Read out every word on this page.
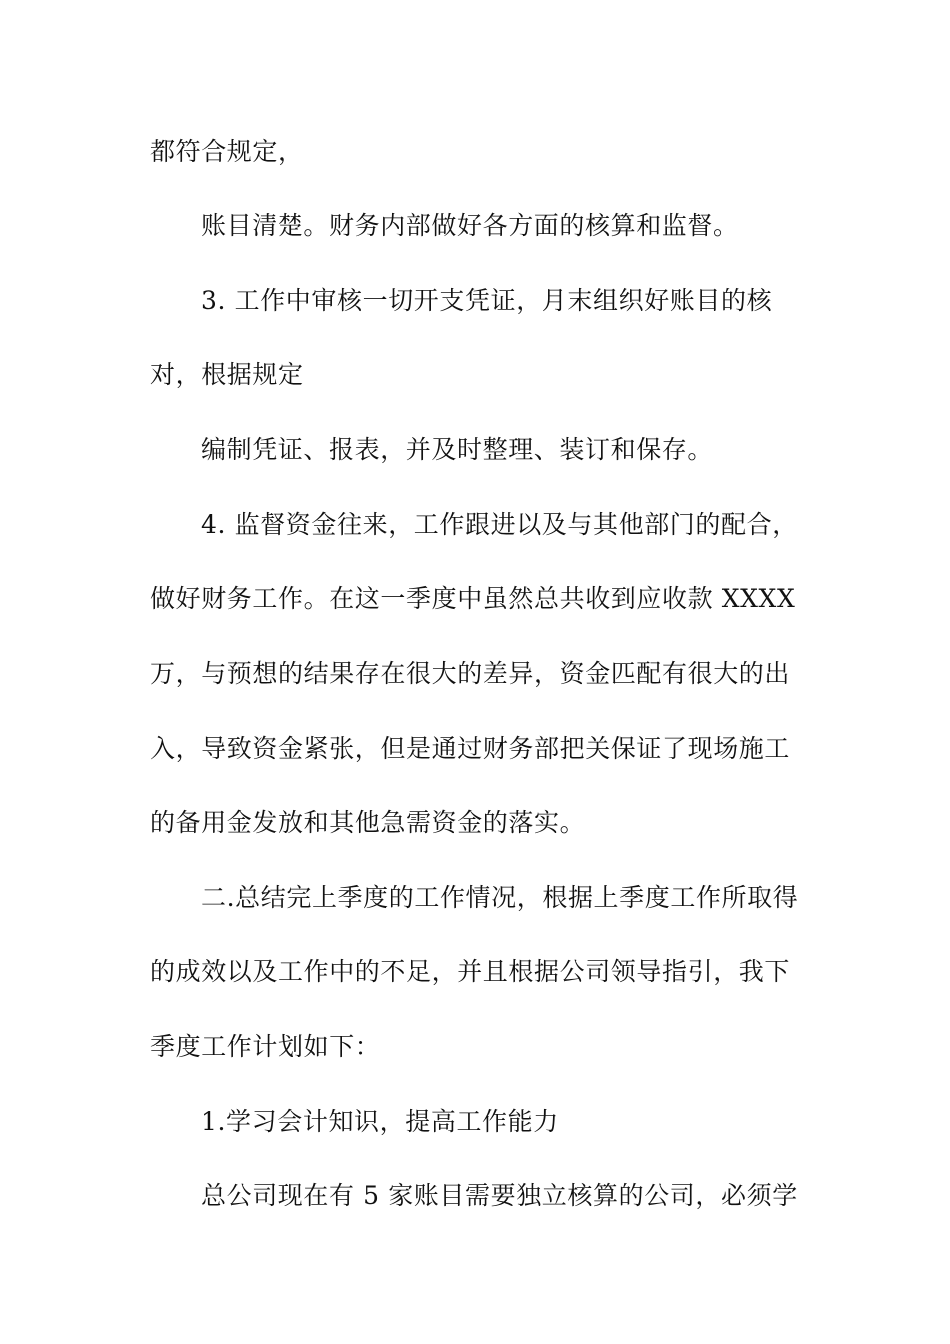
都符合规定，
账目清楚。财务内部做好各方面的核算和监督。
3. 工作中审核一切开支凭证，月末组织好账目的核
对，根据规定
编制凭证、报表，并及时整理、装订和保存。
4. 监督资金往来，工作跟进以及与其他部门的配合，
做好财务工作。在这一季度中虽然总共收到应收款 XXXX
万，与预想的结果存在很大的差异，资金匹配有很大的出
入，导致资金紧张，但是通过财务部把关保证了现场施工
的备用金发放和其他急需资金的落实。
二.总结完上季度的工作情况，根据上季度工作所取得
的成效以及工作中的不足，并且根据公司领导指引，我下
季度工作计划如下：
1.学习会计知识，提高工作能力
总公司现在有 5 家账目需要独立核算的公司，必须学
